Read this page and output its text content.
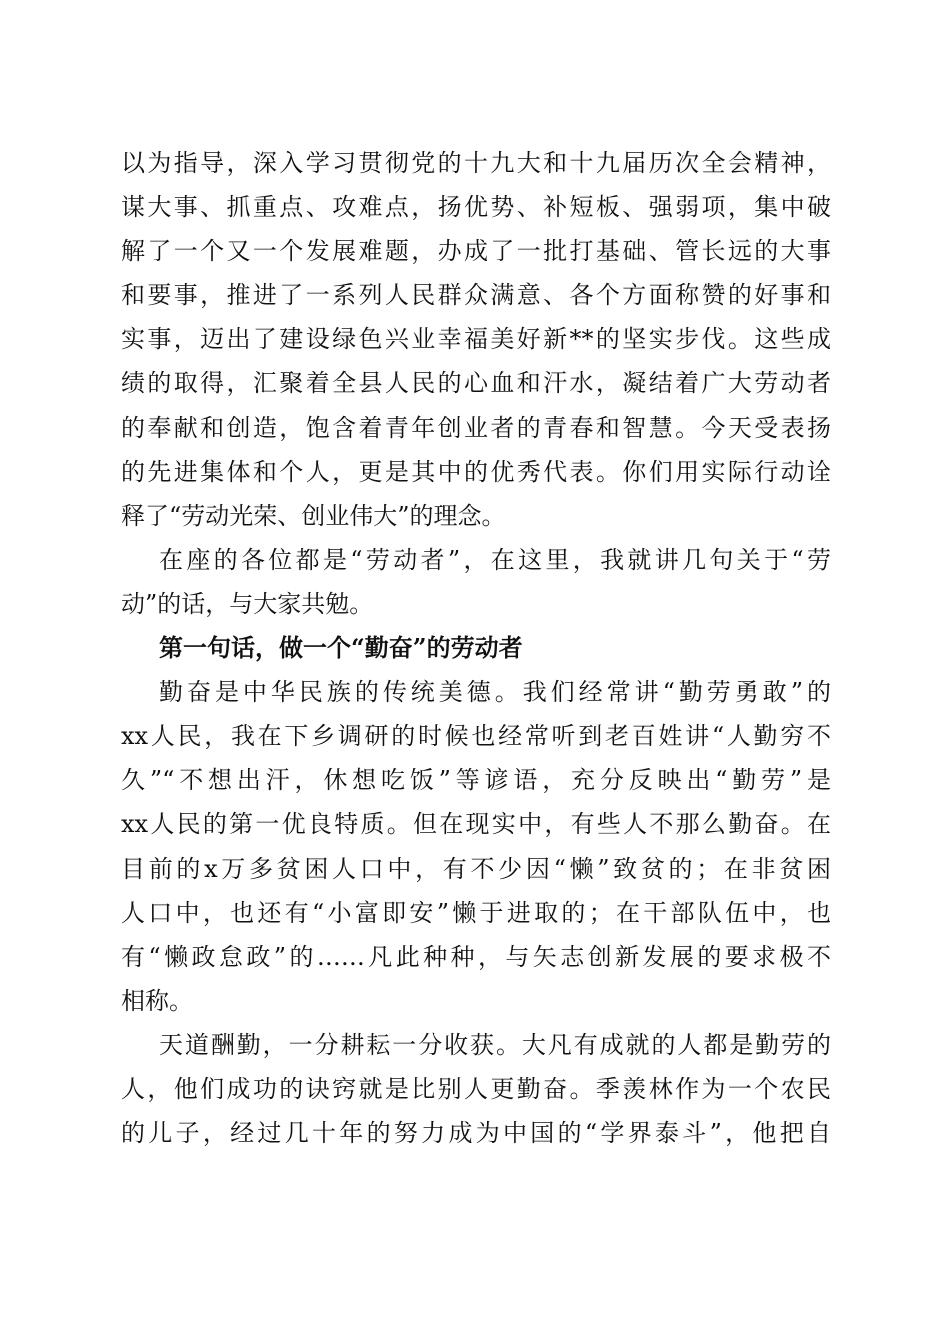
以为指导，深入学习贯彻党的十九大和十九届历次全会精神，
谋大事、抓重点、攻难点，扬优势、补短板、强弱项，集中破
解了一个又一个发展难题，办成了一批打基础、管长远的大事
和要事，推进了一系列人民群众满意、各个方面称赞的好事和
实事，迈出了建设绿色兴业幸福美好新**的坚实步伐。这些成
绩的取得，汇聚着全县人民的心血和汗水，凝结着广大劳动者
的奉献和创造，饱含着青年创业者的青春和智慧。今天受表扬
的先进集体和个人，更是其中的优秀代表。你们用实际行动诠
释了“劳动光荣、创业伟大”的理念。
在座的各位都是“劳动者”，在这里，我就讲几句关于“劳
动”的话，与大家共勉。
第一句话，做一个“勤奋”的劳动者
勤奋是中华民族的传统美德。我们经常讲“勤劳勇敢”的
xx人民，我在下乡调研的时候也经常听到老百姓讲“人勤穷不
久”“不想出汗，休想吃饭”等谚语，充分反映出“勤劳”是
xx人民的第一优良特质。但在现实中，有些人不那么勤奋。在
目前的x万多贫困人口中，有不少因“懒”致贫的；在非贫困
人口中，也还有“小富即安”懒于进取的；在干部队伍中，也
有“懒政怠政”的……凡此种种，与矢志创新发展的要求极不
相称。
天道酬勤，一分耕耘一分收获。大凡有成就的人都是勤劳的
人，他们成功的诀窍就是比别人更勤奋。季羡林作为一个农民
的儿子，经过几十年的努力成为中国的“学界泰斗”，他把自
